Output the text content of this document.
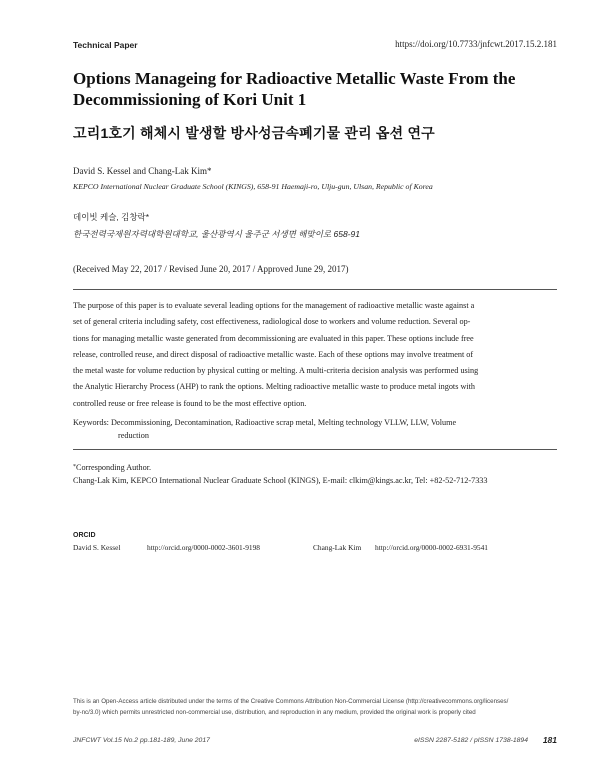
Technical Paper	https://doi.org/10.7733/jnfcwt.2017.15.2.181
Options Manageing for Radioactive Metallic Waste From the
Decommissioning of Kori Unit 1
고리1호기 해체시 발생할 방사성금속폐기물 관리 옵션 연구
David S. Kessel and Chang-Lak Kim*
KEPCO International Nuclear Graduate School (KINGS), 658-91 Haemaji-ro, Ulju-gun, Ulsan, Republic of Korea
데이빗 케슬, 김창락*
한국전력국제원자력대학원대학교, 울산광역시 울주군 서생면 해맞이로 658-91
(Received May 22, 2017 / Revised June 20, 2017 / Approved June 29, 2017)
The purpose of this paper is to evaluate several leading options for the management of radioactive metallic waste against a
set of general criteria including safety, cost effectiveness, radiological dose to workers and volume reduction. Several op-
tions for managing metallic waste generated from decommissioning are evaluated in this paper. These options include free
release, controlled reuse, and direct disposal of radioactive metallic waste. Each of these options may involve treatment of
the metal waste for volume reduction by physical cutting or melting. A multi-criteria decision analysis was performed using
the Analytic Hierarchy Process (AHP) to rank the options. Melting radioactive metallic waste to produce metal ingots with
controlled reuse or free release is found to be the most effective option.
Keywords: Decommissioning, Decontamination, Radioactive scrap metal, Melting technology VLLW, LLW, Volume
reduction
*Corresponding Author.
Chang-Lak Kim, KEPCO International Nuclear Graduate School (KINGS), E-mail: clkim@kings.ac.kr, Tel: +82-52-712-7333
ORCID
David S. Kessel	http://orcid.org/0000-0002-3601-9198	Chang-Lak Kim http://orcid.org/0000-0002-6931-9541
This is an Open-Access article distributed under the terms of the Creative Commons Attribution Non-Commercial License (http://creativecommons.org/licenses/
by-nc/3.0) which permits unrestricted non-commercial use, distribution, and reproduction in any medium, provided the original work is properly cited
JNFCWT Vol.15 No.2 pp.181-189, June 2017	eISSN 2287-5182 / pISSN 1738-1894 181
